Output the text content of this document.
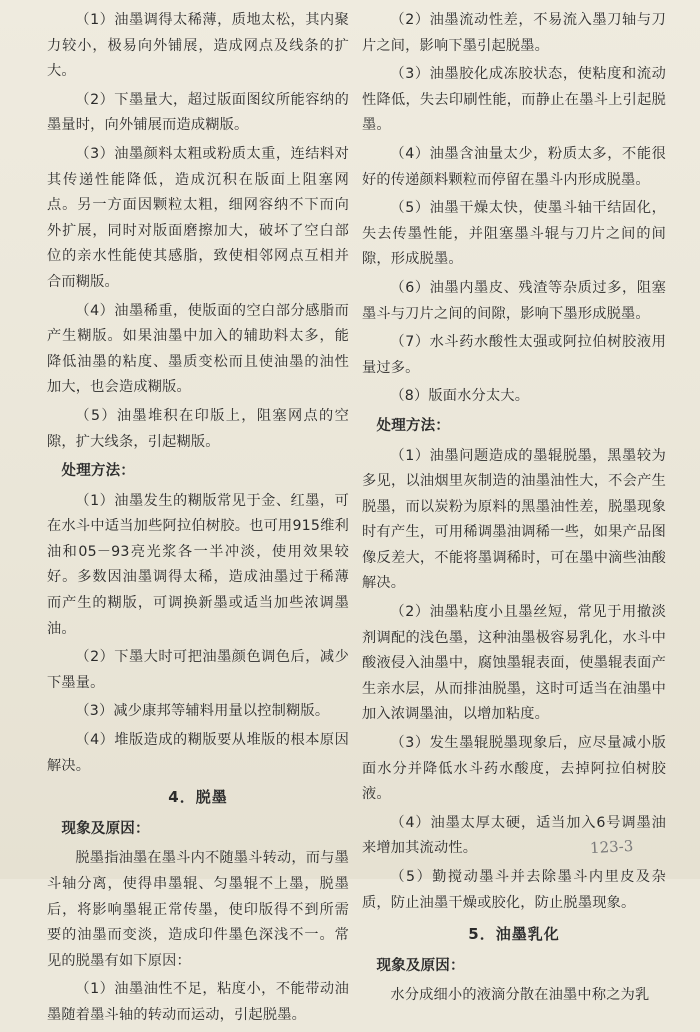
（1）油墨调得太稀薄，质地太松，其内聚力较小，极易向外铺展，造成网点及线条的扩大。

（2）下墨量大，超过版面图纹所能容纳的墨量时，向外铺展而造成糊版。

（3）油墨颜料太粗或粉质太重，连结料对其传递性能降低，造成沉积在版面上阻塞网点。另一方面因颗粒太粗，细网容纳不下而向外扩展，同时对版面磨擦加大，破坏了空白部位的亲水性能使其感脂，致使相邻网点互相并合而糊版。

（4）油墨稀重，使版面的空白部分感脂而产生糊版。如果油墨中加入的辅助料太多，能降低油墨的粘度、墨质变松而且使油墨的油性加大，也会造成糊版。

（5）油墨堆积在印版上，阻塞网点的空隙，扩大线条，引起糊版。

处理方法：

（1）油墨发生的糊版常见于金、红墨，可在水斗中适当加些阿拉伯树胶。也可用915维利油和05－93亮光浆各一半冲淡，使用效果较好。多数因油墨调得太稀，造成油墨过于稀薄而产生的糊版，可调换新墨或适当加些浓调墨油。

（2）下墨大时可把油墨颜色调色后，减少下墨量。

（3）减少康邦等辅料用量以控制糊版。

（4）堆版造成的糊版要从堆版的根本原因解决。

4．脱墨

现象及原因：

脱墨指油墨在墨斗内不随墨斗转动，而与墨斗轴分离，使得串墨辊、匀墨辊不上墨，脱墨后，将影响墨辊正常传墨，使印版得不到所需要的油墨而变淡，造成印件墨色深浅不一。常见的脱墨有如下原因：

（1）油墨油性不足，粘度小，不能带动油墨随着墨斗轴的转动而运动，引起脱墨。

（2）油墨流动性差，不易流入墨刀轴与刀片之间，影响下墨引起脱墨。

（3）油墨胶化成冻胶状态，使粘度和流动性降低，失去印刷性能，而静止在墨斗上引起脱墨。

（4）油墨含油量太少，粉质太多，不能很好的传递颜料颗粒而停留在墨斗内形成脱墨。

（5）油墨干燥太快，使墨斗轴干结固化，失去传墨性能，并阻塞墨斗辊与刀片之间的间隙，形成脱墨。

（6）油墨内墨皮、残渣等杂质过多，阻塞墨斗与刀片之间的间隙，影响下墨形成脱墨。

（7）水斗药水酸性太强或阿拉伯树胶液用量过多。

（8）版面水分太大。

处理方法：

（1）油墨问题造成的墨辊脱墨，黑墨较为多见，以油烟里灰制造的油墨油性大，不会产生脱墨，而以炭粉为原料的黑墨油性差，脱墨现象时有产生，可用稀调墨油调稀一些，如果产品图像反差大，不能将墨调稀时，可在墨中滴些油酸解决。

（2）油墨粘度小且墨丝短，常见于用撤淡剂调配的浅色墨，这种油墨极容易乳化，水斗中酸液侵入油墨中，腐蚀墨辊表面，使墨辊表面产生亲水层，从而排油脱墨，这时可适当在油墨中加入浓调墨油，以增加粘度。

（3）发生墨辊脱墨现象后，应尽量减小版面水分并降低水斗药水酸度，去掉阿拉伯树胶液。

（4）油墨太厚太硬，适当加入6号调墨油来增加其流动性。

（5）勤搅动墨斗并去除墨斗内里皮及杂质，防止油墨干燥或胶化，防止脱墨现象。

5．油墨乳化

现象及原因：

水分成细小的液滴分散在油墨中称之为乳

123-3
